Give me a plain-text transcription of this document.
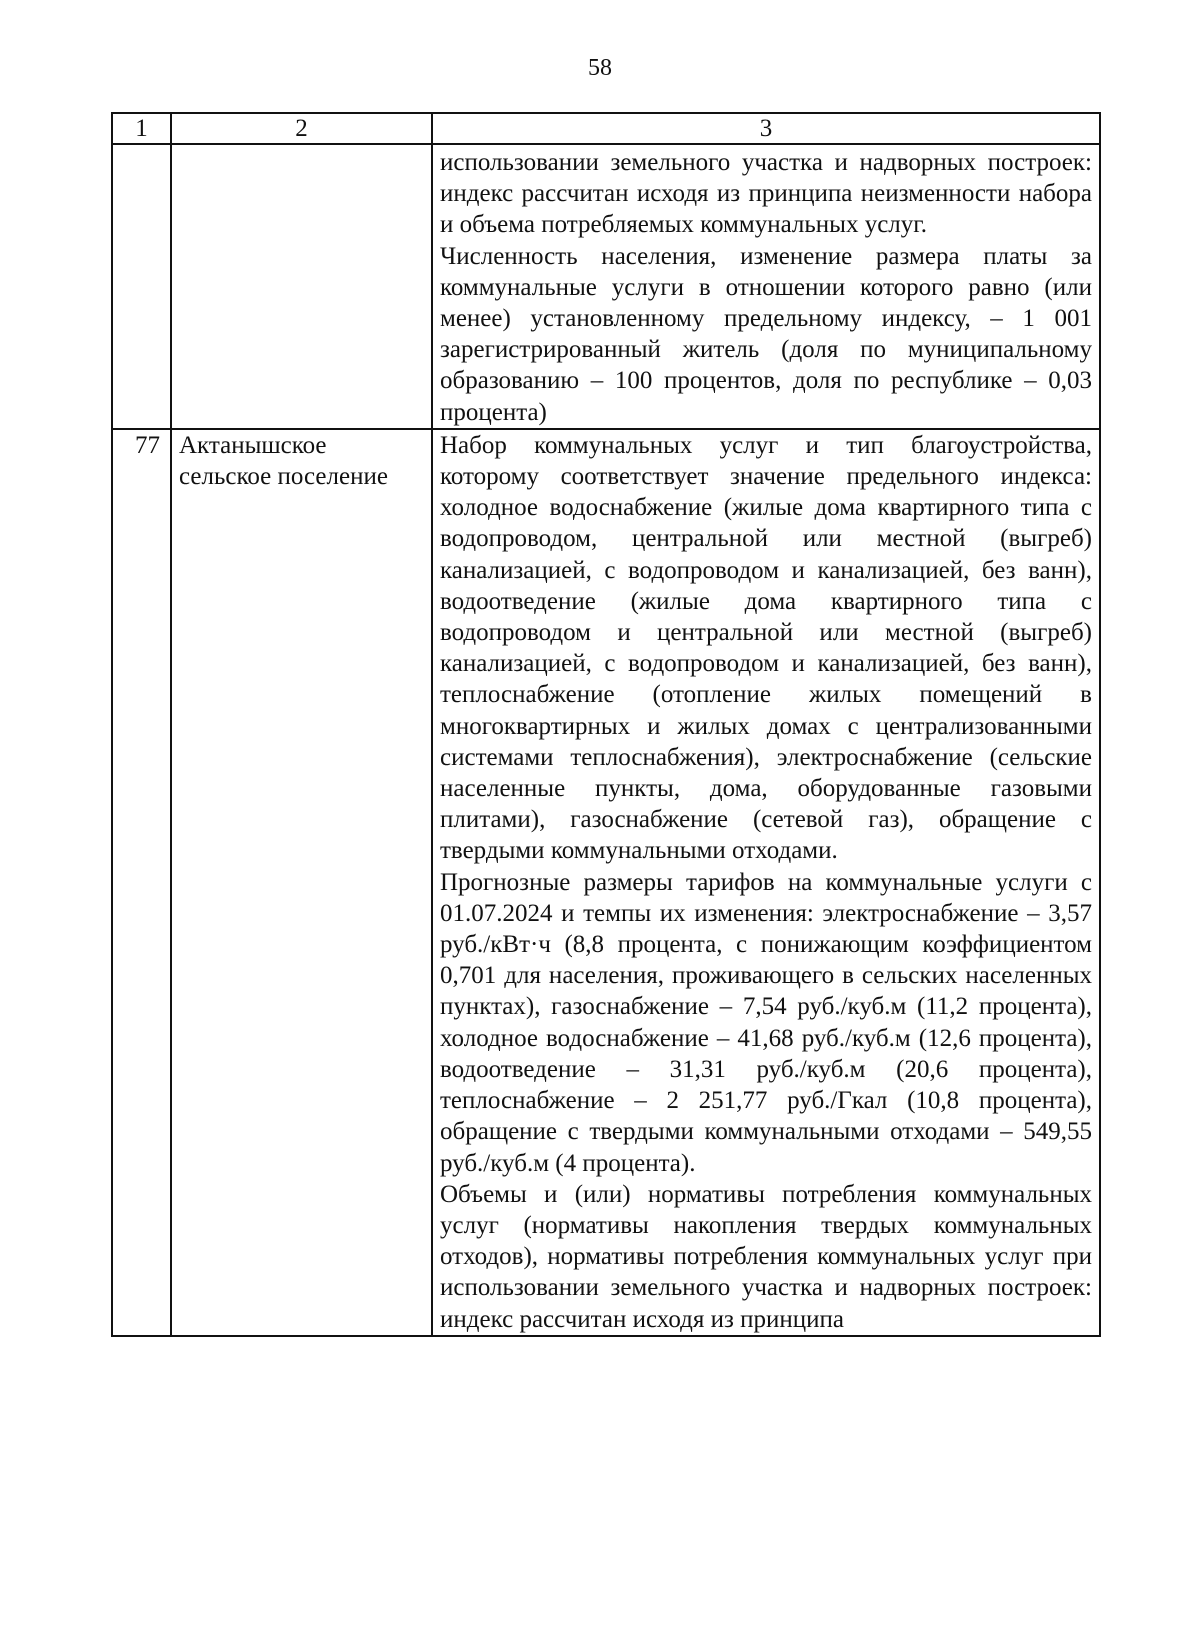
58
1	2	3

		использовании земельного участка и надворных построек: индекс рассчитан исходя из принципа неизменности набора и объема потребляемых коммунальных услуг.

Численность населения, изменение размера платы за коммунальные услуги в отношении которого равно (или менее) установленному предельному индексу, – 1 001 зарегистрированный житель (доля по муниципальному образованию – 100 процентов, доля по республике – 0,03 процента)

77	Актанышское сельское поселение	Набор коммунальных услуг и тип благоустройства, которому соответствует значение предельного индекса: холодное водоснабжение (жилые дома квартирного типа с водопроводом, центральной или местной (выгреб) канализацией, с водопроводом и канализацией, без ванн), водоотведение (жилые дома квартирного типа с водопроводом и центральной или местной (выгреб) канализацией, с водопроводом и канализацией, без ванн), теплоснабжение (отопление жилых помещений в многоквартирных и жилых домах с централизованными системами теплоснабжения), электроснабжение (сельские населенные пункты, дома, оборудованные газовыми плитами), газоснабжение (сетевой газ), обращение с твердыми коммунальными отходами.

Прогнозные размеры тарифов на коммунальные услуги с 01.07.2024 и темпы их изменения: электроснабжение – 3,57 руб./кВт·ч (8,8 процента, с понижающим коэффициентом 0,701 для населения, проживающего в сельских населенных пунктах), газоснабжение – 7,54 руб./куб.м (11,2 процента), холодное водоснабжение – 41,68 руб./куб.м (12,6 процента), водоотведение – 31,31 руб./куб.м (20,6 процента), теплоснабжение – 2 251,77 руб./Гкал (10,8 процента), обращение с твердыми коммунальными отходами – 549,55 руб./куб.м (4 процента).

Объемы и (или) нормативы потребления коммунальных услуг (нормативы накопления твердых коммунальных отходов), нормативы потребления коммунальных услуг при использовании земельного участка и надворных построек: индекс рассчитан исходя из принципа
